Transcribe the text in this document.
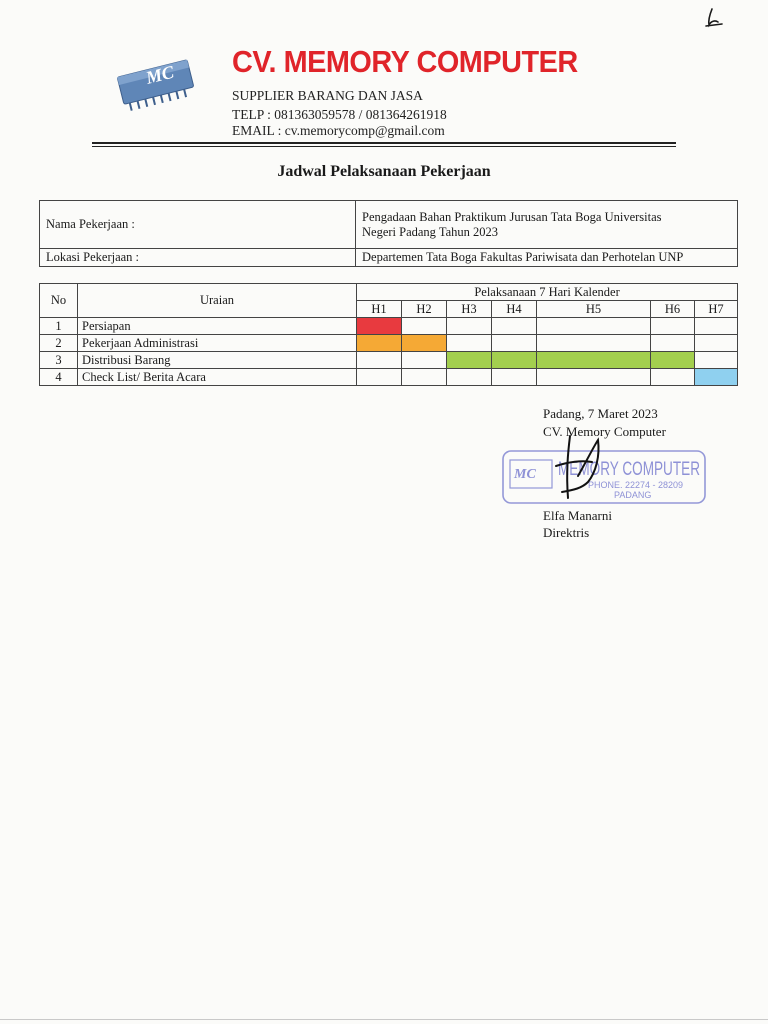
MC CV. MEMORY COMPUTER
SUPPLIER BARANG DAN JASA
TELP : 081363059578 / 081364261918
EMAIL : cv.memorycomp@gmail.com
Jadwal Pelaksanaan Pekerjaan
Nama Pekerjaan :	Pengadaan Bahan Praktikum Jurusan Tata Boga Universitas
Negeri Padang Tahun 2023

Lokasi Pekerjaan :	Departemen Tata Boga Fakultas Pariwisata dan Perhotelan UNP
No	Uraian	Pelaksanaan 7 Hari Kalender						
		H1	H2	H3	H4	H5	H6	H7
1	Persiapan							
2	Pekerjaan Administrasi							
3	Distribusi Barang							
4	Check List/ Berita Acara							
Padang, 7 Maret 2023
CV. Memory Computer
MC MEMORY COMPUTER
PHONE. 22274 - 28209
PADANG
Elfa Manarni
Direktris
